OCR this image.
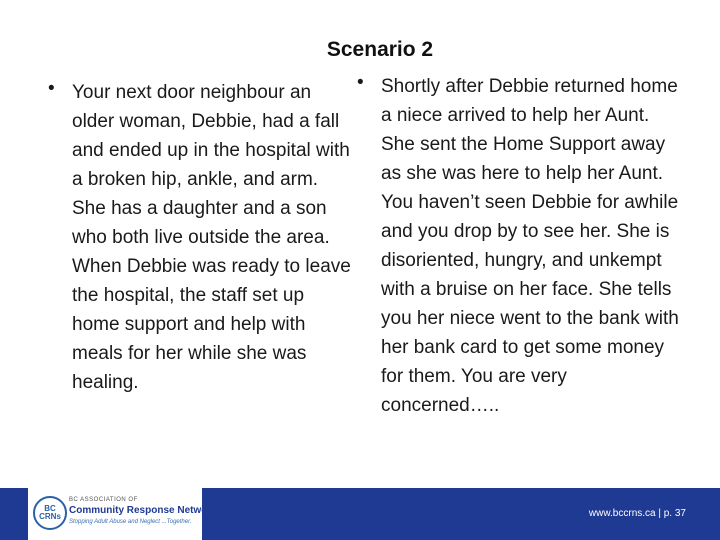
Scenario 2
• Your next door neighbour an older woman, Debbie, had a fall and ended up in the hospital with a broken hip, ankle, and arm. She has a daughter and a son who both live outside the area. When Debbie was ready to leave the hospital, the staff set up home support and help with meals for her while she was healing.
• Shortly after Debbie returned home a niece arrived to help her Aunt. She sent the Home Support away as she was here to help her Aunt.
You haven’t seen Debbie for awhile and you drop by to see her. She is disoriented, hungry, and unkempt with a bruise on her face. She tells you her niece went to the bank with her bank card to get some money for them. You are very concerned…..
BC CRNs
BC ASSOCIATION OF
Community Response Networks
Stopping Adult Abuse and Neglect ...Together.
www.bccrns.ca | p. 37
